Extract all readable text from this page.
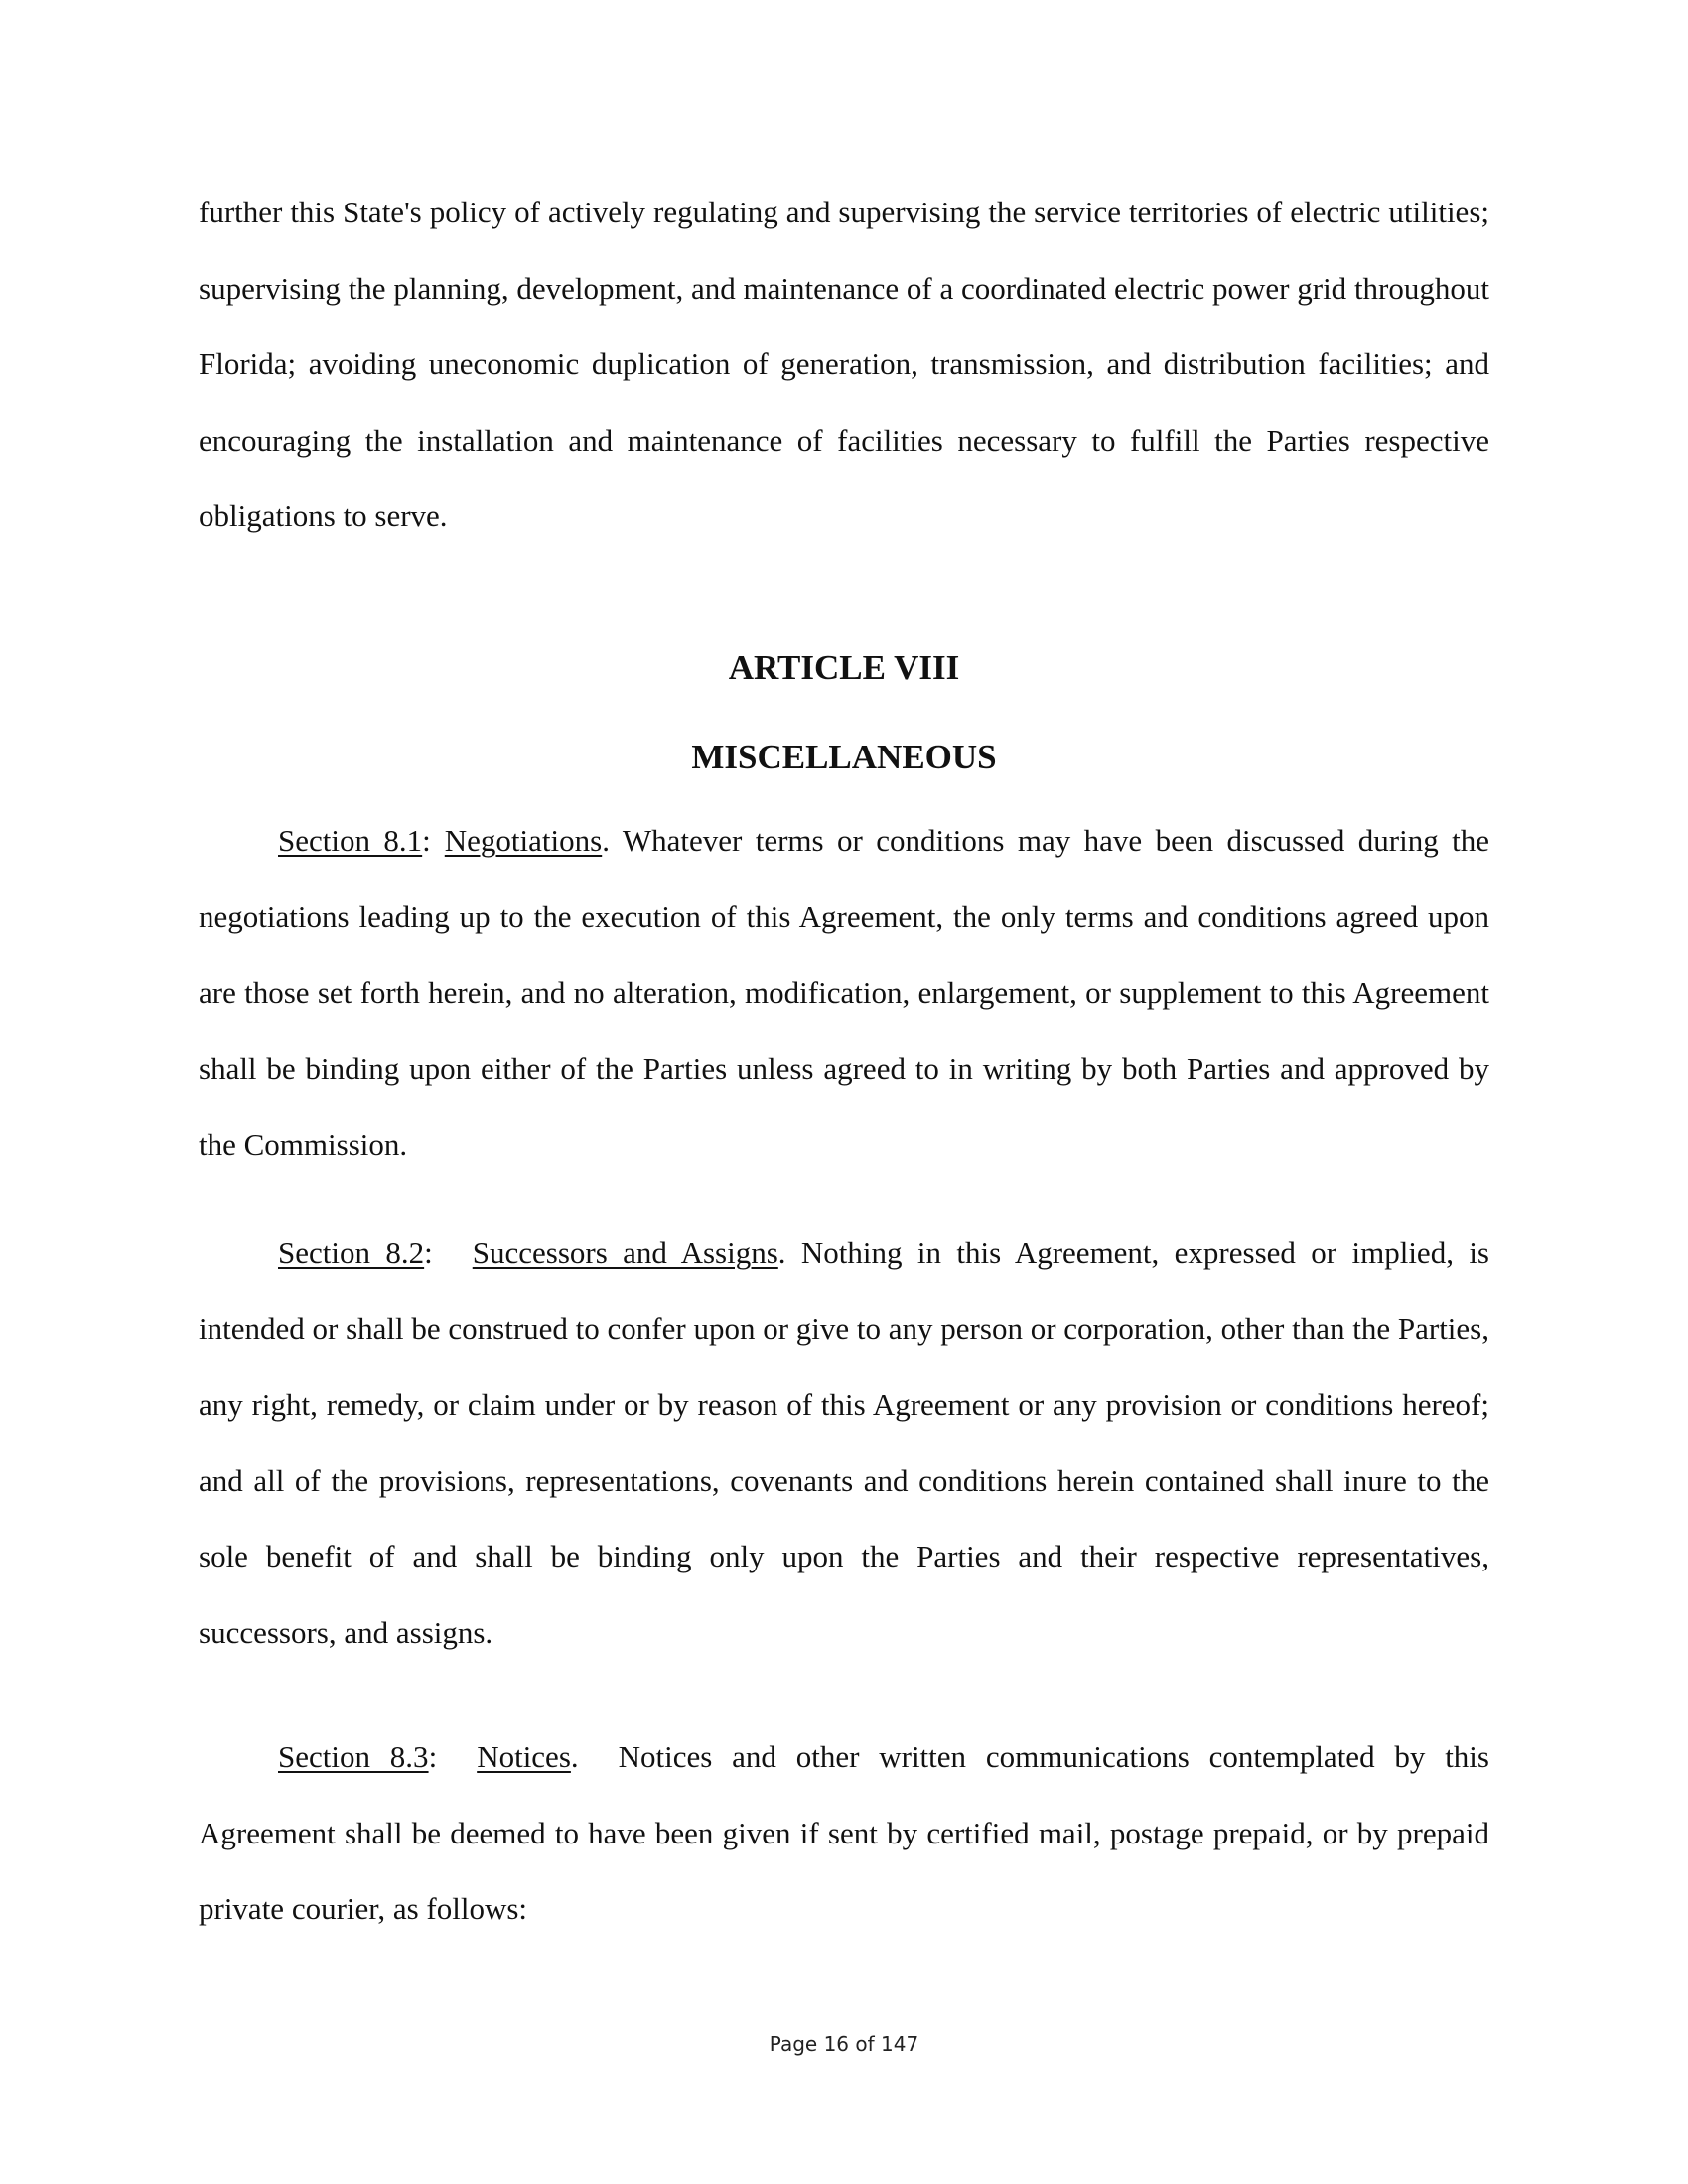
further this State's policy of actively regulating and supervising the service territories of electric utilities; supervising the planning, development, and maintenance of a coordinated electric power grid throughout Florida; avoiding uneconomic duplication of generation, transmission, and distribution facilities; and encouraging the installation and maintenance of facilities necessary to fulfill the Parties respective obligations to serve.

ARTICLE VIII
MISCELLANEOUS

Section 8.1: Negotiations. Whatever terms or conditions may have been discussed during the negotiations leading up to the execution of this Agreement, the only terms and conditions agreed upon are those set forth herein, and no alteration, modification, enlargement, or supplement to this Agreement shall be binding upon either of the Parties unless agreed to in writing by both Parties and approved by the Commission.

Section 8.2: Successors and Assigns. Nothing in this Agreement, expressed or implied, is intended or shall be construed to confer upon or give to any person or corporation, other than the Parties, any right, remedy, or claim under or by reason of this Agreement or any provision or conditions hereof; and all of the provisions, representations, covenants and conditions herein contained shall inure to the sole benefit of and shall be binding only upon the Parties and their respective representatives, successors, and assigns.

Section 8.3: Notices. Notices and other written communications contemplated by this Agreement shall be deemed to have been given if sent by certified mail, postage prepaid, or by prepaid private courier, as follows:

Page 16 of 147
